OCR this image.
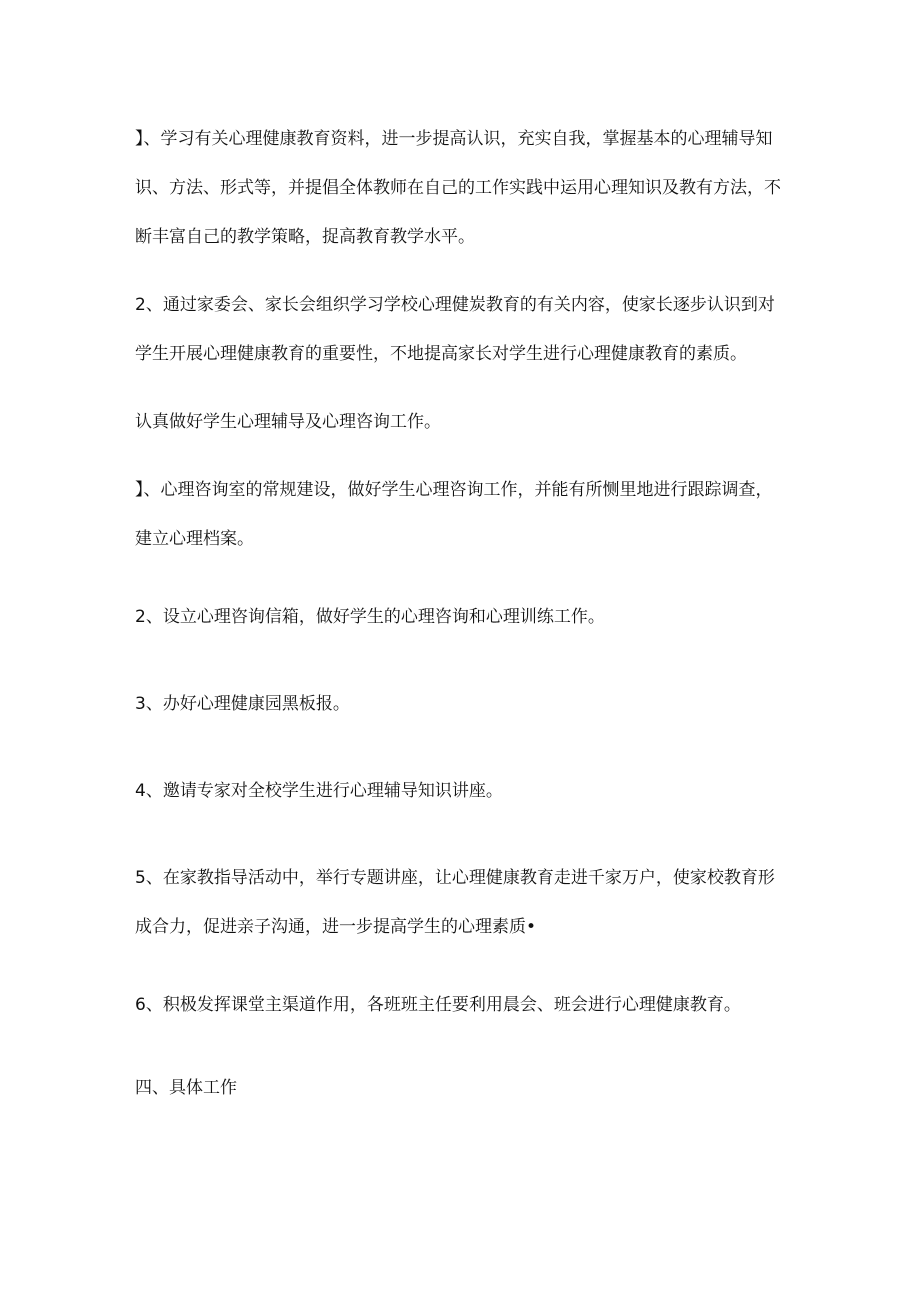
】、学习有关心理健康教育资料，进一步提高认识，充实自我，掌握基本的心理辅导知
识、方法、形式等，并提倡全体教师在自己的工作实践中运用心理知识及教有方法，不
断丰富自己的教学策略，捉高教育教学水平。
2、通过家委会、家长会组织学习学校心理健炭教育的有关内容，使家长逐步认识到对
学生开展心理健康教育的重要性，不地提高家长对学生进行心理健康教育的素质。
认真做好学生心理辅导及心理咨询工作。
】、心理咨询室的常规建设，做好学生心理咨询工作，并能有所恻里地进行跟踪调查，
建立心理档案。
2、设立心理咨询信箱，做好学生的心理咨询和心理训练工作。
3、办好心理健康园黑板报。
4、邀请专家对全校学生进行心理辅导知识讲座。
5、在家教指导活动中，举行专题讲座，让心理健康教育走进千家万户，使家校教育形
成合力，促进亲子沟通，进一步提高学生的心理素质•
6、积极发挥课堂主渠道作用，各班班主任要利用晨会、班会进行心理健康教育。
四、具体工作
